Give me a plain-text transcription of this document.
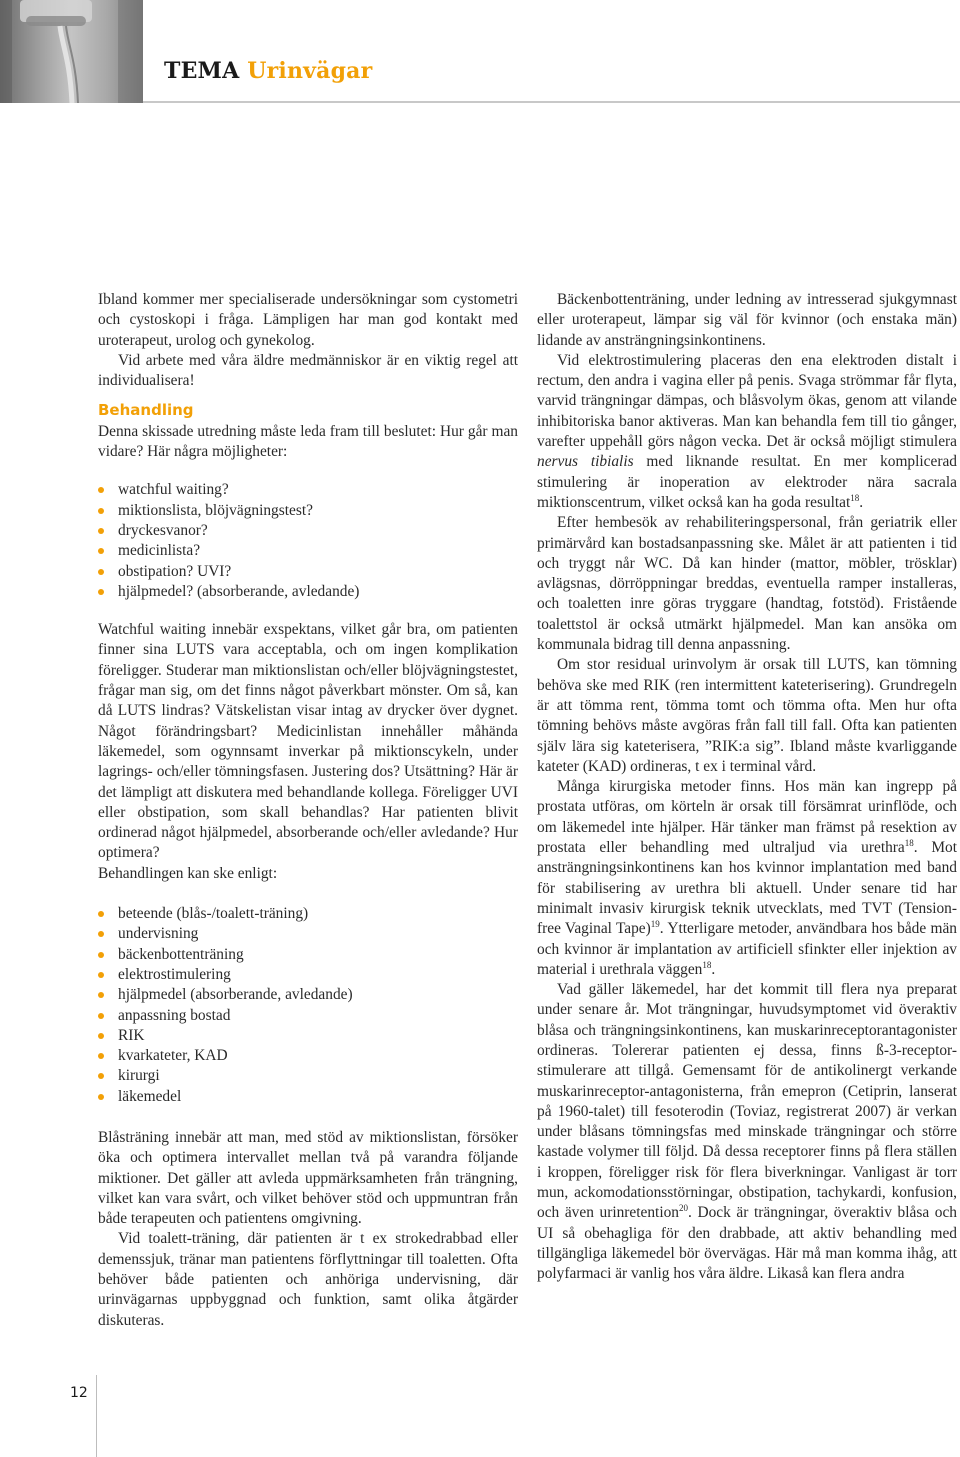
TEMA Urinvägar

Ibland kommer mer specialiserade undersökningar som cystometri och cystoskopi i fråga. Lämpligen har man god kontakt med uroterapeut, urolog och gynekolog.

Vid arbete med våra äldre medmänniskor är en viktig regel att individualisera!

Behandling

Denna skissade utredning måste leda fram till beslutet: Hur går man vidare? Här några möjligheter:

watchful waiting?
miktionslista, blöjvägningstest?
dryckesvanor?
medicinlista?
obstipation? UVI?
hjälpmedel? (absorberande, avledande)

Watchful waiting innebär exspektans, vilket går bra, om patienten finner sina LUTS vara acceptabla, och om ingen komplikation föreligger. Studerar man miktionslistan och/eller blöjvägningstestet, frågar man sig, om det finns något påverkbart mönster. Om så, kan då LUTS lindras? Vätskelistan visar intag av drycker över dygnet. Något förändringsbart? Medicinlistan innehåller måhända läkemedel, som ogynnsamt inverkar på miktionscykeln, under lagrings- och/eller tömningsfasen. Justering dos? Utsättning? Här är det lämpligt att diskutera med behandlande kollega. Föreligger UVI eller obstipation, som skall behandlas? Har patienten blivit ordinerad något hjälpmedel, absorberande och/eller avledande? Hur optimera?

Behandlingen kan ske enligt:

beteende (blås-/toalett-träning)
undervisning
bäckenbottenträning
elektrostimulering
hjälpmedel (absorberande, avledande)
anpassning bostad
RIK
kvarkateter, KAD
kirurgi
läkemedel

Blåsträning innebär att man, med stöd av miktionslistan, försöker öka och optimera intervallet mellan två på varandra följande miktioner. Det gäller att avleda uppmärksamheten från trängning, vilket kan vara svårt, och vilket behöver stöd och uppmuntran från både terapeuten och patientens omgivning.

Vid toalett-träning, där patienten är t ex strokedrabbad eller demenssjuk, tränar man patientens förflyttningar till toaletten. Ofta behöver både patienten och anhöriga undervisning, där urinvägarnas uppbyggnad och funktion, samt olika åtgärder diskuteras.

Bäckenbottenträning, under ledning av intresserad sjukgymnast eller uroterapeut, lämpar sig väl för kvinnor (och enstaka män) lidande av ansträngningsinkontinens.

Vid elektrostimulering placeras den ena elektroden distalt i rectum, den andra i vagina eller på penis. Svaga strömmar får flyta, varvid trängningar dämpas, och blåsvolym ökas, genom att vilande inhibitoriska banor aktiveras. Man kan behandla fem till tio gånger, varefter uppehåll görs någon vecka. Det är också möjligt stimulera nervus tibialis med liknande resultat. En mer komplicerad stimulering är inoperation av elektroder nära sacrala miktionscentrum, vilket också kan ha goda resultat$^{18}$.

Efter hembesök av rehabiliteringspersonal, från geriatrik eller primärvård kan bostadsanpassning ske. Målet är att patienten i tid och tryggt når WC. Då kan hinder (mattor, möbler, trösklar) avlägsnas, dörröppningar breddas, eventuella ramper installeras, och toaletten inre göras tryggare (handtag, fotstöd). Fristående toalettstol är också utmärkt hjälpmedel. Man kan ansöka om kommunala bidrag till denna anpassning.

Om stor residual urinvolym är orsak till LUTS, kan tömning behöva ske med RIK (ren intermittent kateterisering). Grundregeln är att tömma rent, tömma tomt och tömma ofta. Men hur ofta tömning behövs måste avgöras från fall till fall. Ofta kan patienten själv lära sig kateterisera, ”RIK:a sig”. Ibland måste kvarliggande kateter (KAD) ordineras, t ex i terminal vård.

Många kirurgiska metoder finns. Hos män kan ingrepp på prostata utföras, om körteln är orsak till försämrat urinflöde, och om läkemedel inte hjälper. Här tänker man främst på resektion av prostata eller behandling med ultraljud via urethra$^{18}$. Mot ansträngningsinkontinens kan hos kvinnor implantation med band för stabilisering av urethra bli aktuell. Under senare tid har minimalt invasiv kirurgisk teknik utvecklats, med TVT (Tension-free Vaginal Tape)$^{19}$. Ytterligare metoder, användbara hos både män och kvinnor är implantation av artificiell sfinkter eller injektion av material i urethrala väggen$^{18}$.

Vad gäller läkemedel, har det kommit till flera nya preparat under senare år. Mot trängningar, huvudsymptomet vid överaktiv blåsa och trängningsinkontinens, kan muskarinreceptorantagonister ordineras. Tolererar patienten ej dessa, finns ß-3-receptor-stimulerare att tillgå. Gemensamt för de antikolinergt verkande muskarinreceptor-antagonisterna, från emepron (Cetiprin, lanserat på 1960-talet) till fesoterodin (Toviaz, registrerat 2007) är verkan under blåsans tömningsfas med minskade trängningar och större kastade volymer till följd. Då dessa receptorer finns på flera ställen i kroppen, föreligger risk för flera biverkningar. Vanligast är torr mun, ackomodationsstörningar, obstipation, tachykardi, konfusion, och även urinretention$^{20}$. Dock är trängningar, överaktiv blåsa och UI så obehagliga för den drabbade, att aktiv behandling med tillgängliga läkemedel bör övervägas. Här må man komma ihåg, att polyfarmaci är vanlig hos våra äldre. Likaså kan flera andra

12
